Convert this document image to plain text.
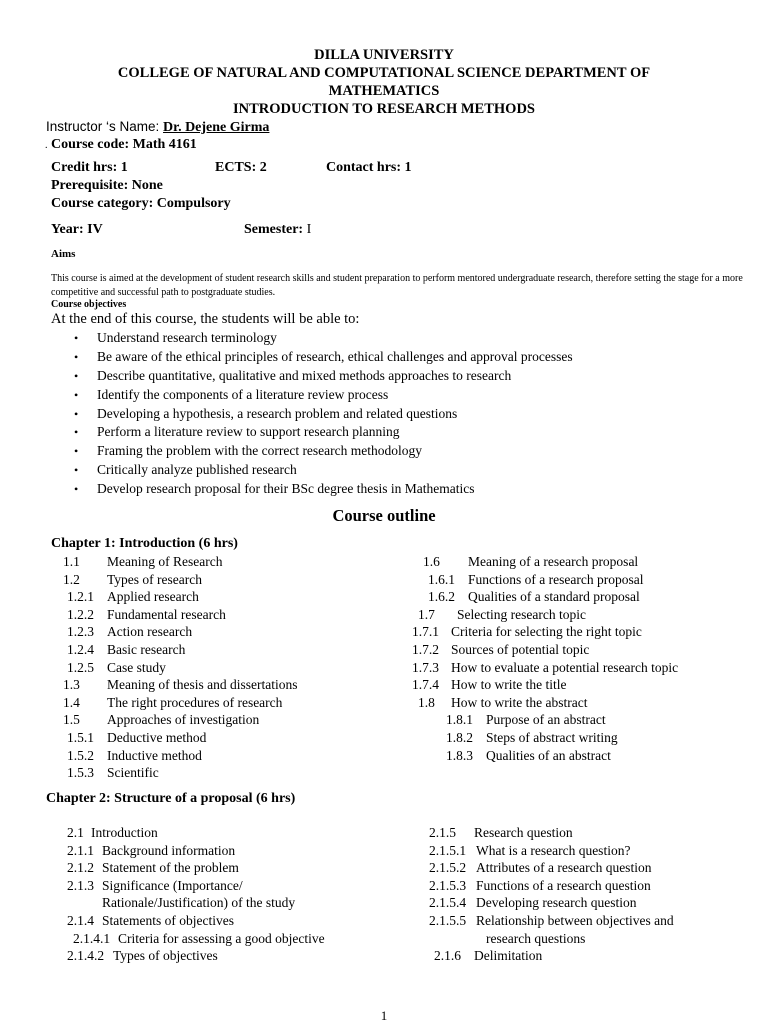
DILLA UNIVERSITY
COLLEGE OF NATURAL AND COMPUTATIONAL SCIENCE DEPARTMENT OF
MATHEMATICS
INTRODUCTION TO RESEARCH METHODS
Instructor ‘s Name: Dr. Dejene Girma
. Course code: Math 4161
Credit hrs: 1	ECTS: 2	Contact hrs: 1
Prerequisite: None
Course category: Compulsory
Year: IV	Semester: I
Aims
This course is aimed at the development of student research skills and student preparation to perform mentored undergraduate research, therefore setting the stage for a more competitive and successful path to postgraduate studies.
Course objectives
At the end of this course, the students will be able to:
• Understand research terminology
• Be aware of the ethical principles of research, ethical challenges and approval processes
• Describe quantitative, qualitative and mixed methods approaches to research
• Identify the components of a literature review process
• Developing a hypothesis, a research problem and related questions
• Perform a literature review to support research planning
• Framing the problem with the correct research methodology
• Critically analyze published research
• Develop research proposal for their BSc degree thesis in Mathematics
Course outline
Chapter 1: Introduction (6 hrs)
1.1 Meaning of Research
1.2 Types of research
1.2.1 Applied research
1.2.2 Fundamental research
1.2.3 Action research
1.2.4 Basic research
1.2.5 Case study
1.3 Meaning of thesis and dissertations
1.4 The right procedures of research
1.5 Approaches of investigation
1.5.1 Deductive method
1.5.2 Inductive method
1.5.3 Scientific
1.6 Meaning of a research proposal
1.6.1 Functions of a research proposal
1.6.2 Qualities of a standard proposal
1.7 Selecting research topic
1.7.1 Criteria for selecting the right topic
1.7.2 Sources of potential topic
1.7.3 How to evaluate a potential research topic
1.7.4 How to write the title
1.8 How to write the abstract
1.8.1 Purpose of an abstract
1.8.2 Steps of abstract writing
1.8.3 Qualities of an abstract
Chapter 2: Structure of a proposal (6 hrs)
2.1 Introduction
2.1.1 Background information
2.1.2 Statement of the problem
2.1.3 Significance (Importance/
Rationale/Justification) of the study
2.1.4 Statements of objectives
2.1.4.1 Criteria for assessing a good objective
2.1.4.2 Types of objectives
2.1.5 Research question
2.1.5.1 What is a research question?
2.1.5.2 Attributes of a research question
2.1.5.3 Functions of a research question
2.1.5.4 Developing research question
2.1.5.5 Relationship between objectives and
research questions
2.1.6 Delimitation
1
